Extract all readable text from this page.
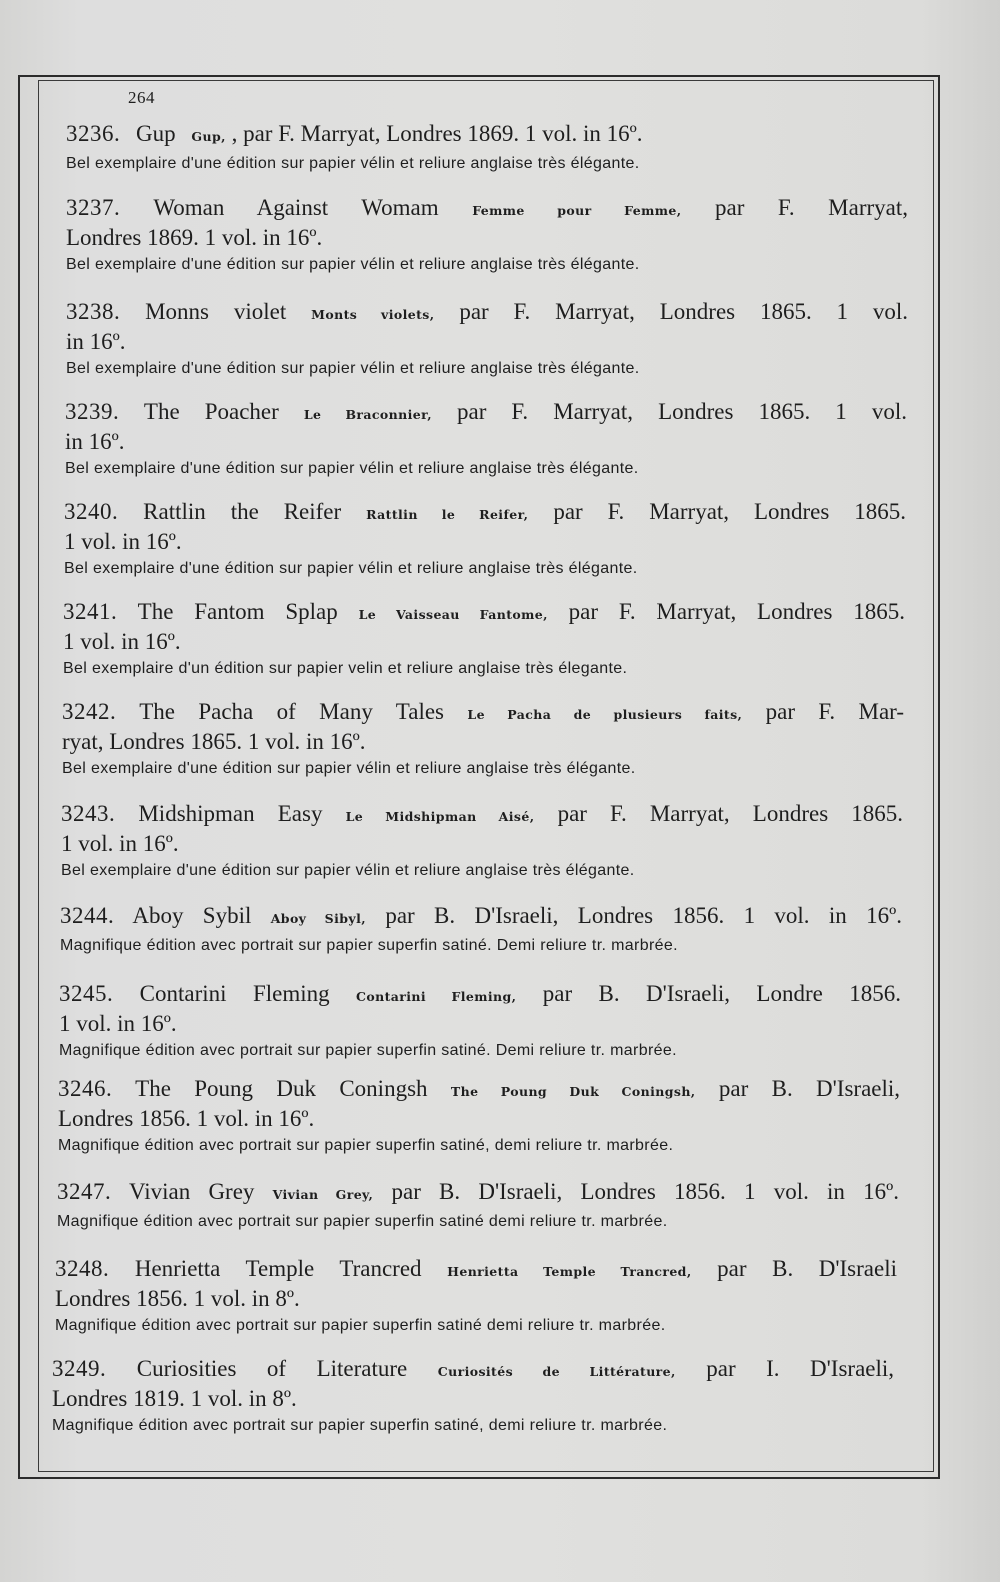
264
3236. Gup Gup, , par F. Marryat, Londres 1869. 1 vol. in 16º.
Bel exemplaire d'une édition sur papier vélin et reliure anglaise très élégante.
3237. Woman Against Womam	Femme pour Femme, par F. Marryat,
Londres 1869. 1 vol. in 16º.
Bel exemplaire d'une édition sur papier vélin et reliure anglaise très élégante.
3238. Monns violet Monts violets, par F. Marryat, Londres 1865. 1 vol.
in 16º.
Bel exemplaire d'une édition sur papier vélin et reliure anglaise très élégante.
3239. The Poacher Le Braconnier, par F. Marryat, Londres 1865. 1 vol.
in 16º.
Bel exemplaire d'une édition sur papier vélin et reliure anglaise très élégante.
3240. Rattlin the Reifer Rattlin le Reifer, par F. Marryat, Londres 1865.
1 vol. in 16º.
Bel exemplaire d'une édition sur papier vélin et reliure anglaise très élégante.
3241. The Fantom Splap Le Vaisseau Fantome, par F. Marryat, Londres 1865.
1 vol. in 16º.
Bel exemplaire d'un édition sur papier velin et reliure anglaise très élegante.
3242. The Pacha of Many Tales Le Pacha de plusieurs faits, par F. Mar-
ryat, Londres 1865. 1 vol. in 16º.
Bel exemplaire d'une édition sur papier vélin et reliure anglaise très élégante.
3243. Midshipman Easy Le Midshipman Aisé, par F. Marryat, Londres 1865.
1 vol. in 16º.
Bel exemplaire d'une édition sur papier vélin et reliure anglaise très élégante.
3244. Aboy Sybil Aboy Sibyl, par B. D'Israeli, Londres 1856. 1 vol. in 16º.
Magnifique édition avec portrait sur papier superfin satiné. Demi reliure tr. marbrée.
3245. Contarini Fleming Contarini Fleming, par B. D'Israeli, Londre 1856.
1 vol. in 16º.
Magnifique édition avec portrait sur papier superfin satiné. Demi reliure tr. marbrée.
3246. The Poung Duk Coningsh The Poung Duk Coningsh, par B. D'Israeli,
Londres 1856. 1 vol. in 16º.
Magnifique édition avec portrait sur papier superfin satiné, demi reliure tr. marbrée.
3247. Vivian Grey Vivian Grey, par B. D'Israeli, Londres 1856. 1 vol. in 16º.
Magnifique édition avec portrait sur papier superfin satiné demi reliure tr. marbrée.
3248. Henrietta Temple Trancred Henrietta Temple Trancred, par B. D'Israeli
Londres 1856. 1 vol. in 8º.
Magnifique édition avec portrait sur papier superfin satiné demi reliure tr. marbrée.
3249. Curiosities of Literature Curiosités de Littérature, par I. D'Israeli,
Londres 1819. 1 vol. in 8º.
Magnifique édition avec portrait sur papier superfin satiné, demi reliure tr. marbrée.
